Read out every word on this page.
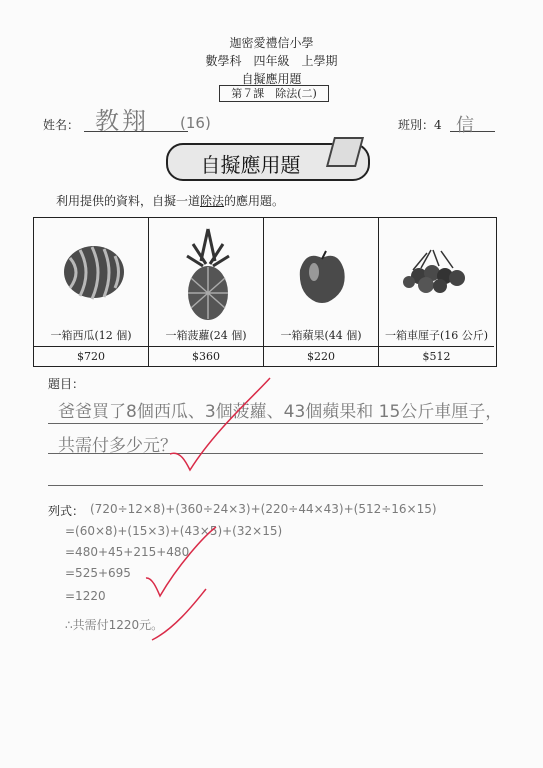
迦密愛禮信小學
數學科　四年級　上學期
自擬應用題
第７課　除法(二)
姓名： 教翔 (16)	班別：4 信
自擬應用題
利用提供的資料，自擬一道除法的應用題。
一箱西瓜(12 個)
$720
一箱菠蘿(24 個)
$360
一箱蘋果(44 個)
$220
一箱車厘子(16 公斤)
$512
題目：
爸爸買了8個西瓜、3個菠蘿、43個蘋果和 15公斤車厘子，
共需付多少元？
列式： (720÷12×8)+(360÷24×3)+(220÷44×43)+(512÷16×15)
=(60×8)+(15×3)+(43×5)+(32×15)
=480+45+215+480
=525+695
=1220
∴共需付1220元。
